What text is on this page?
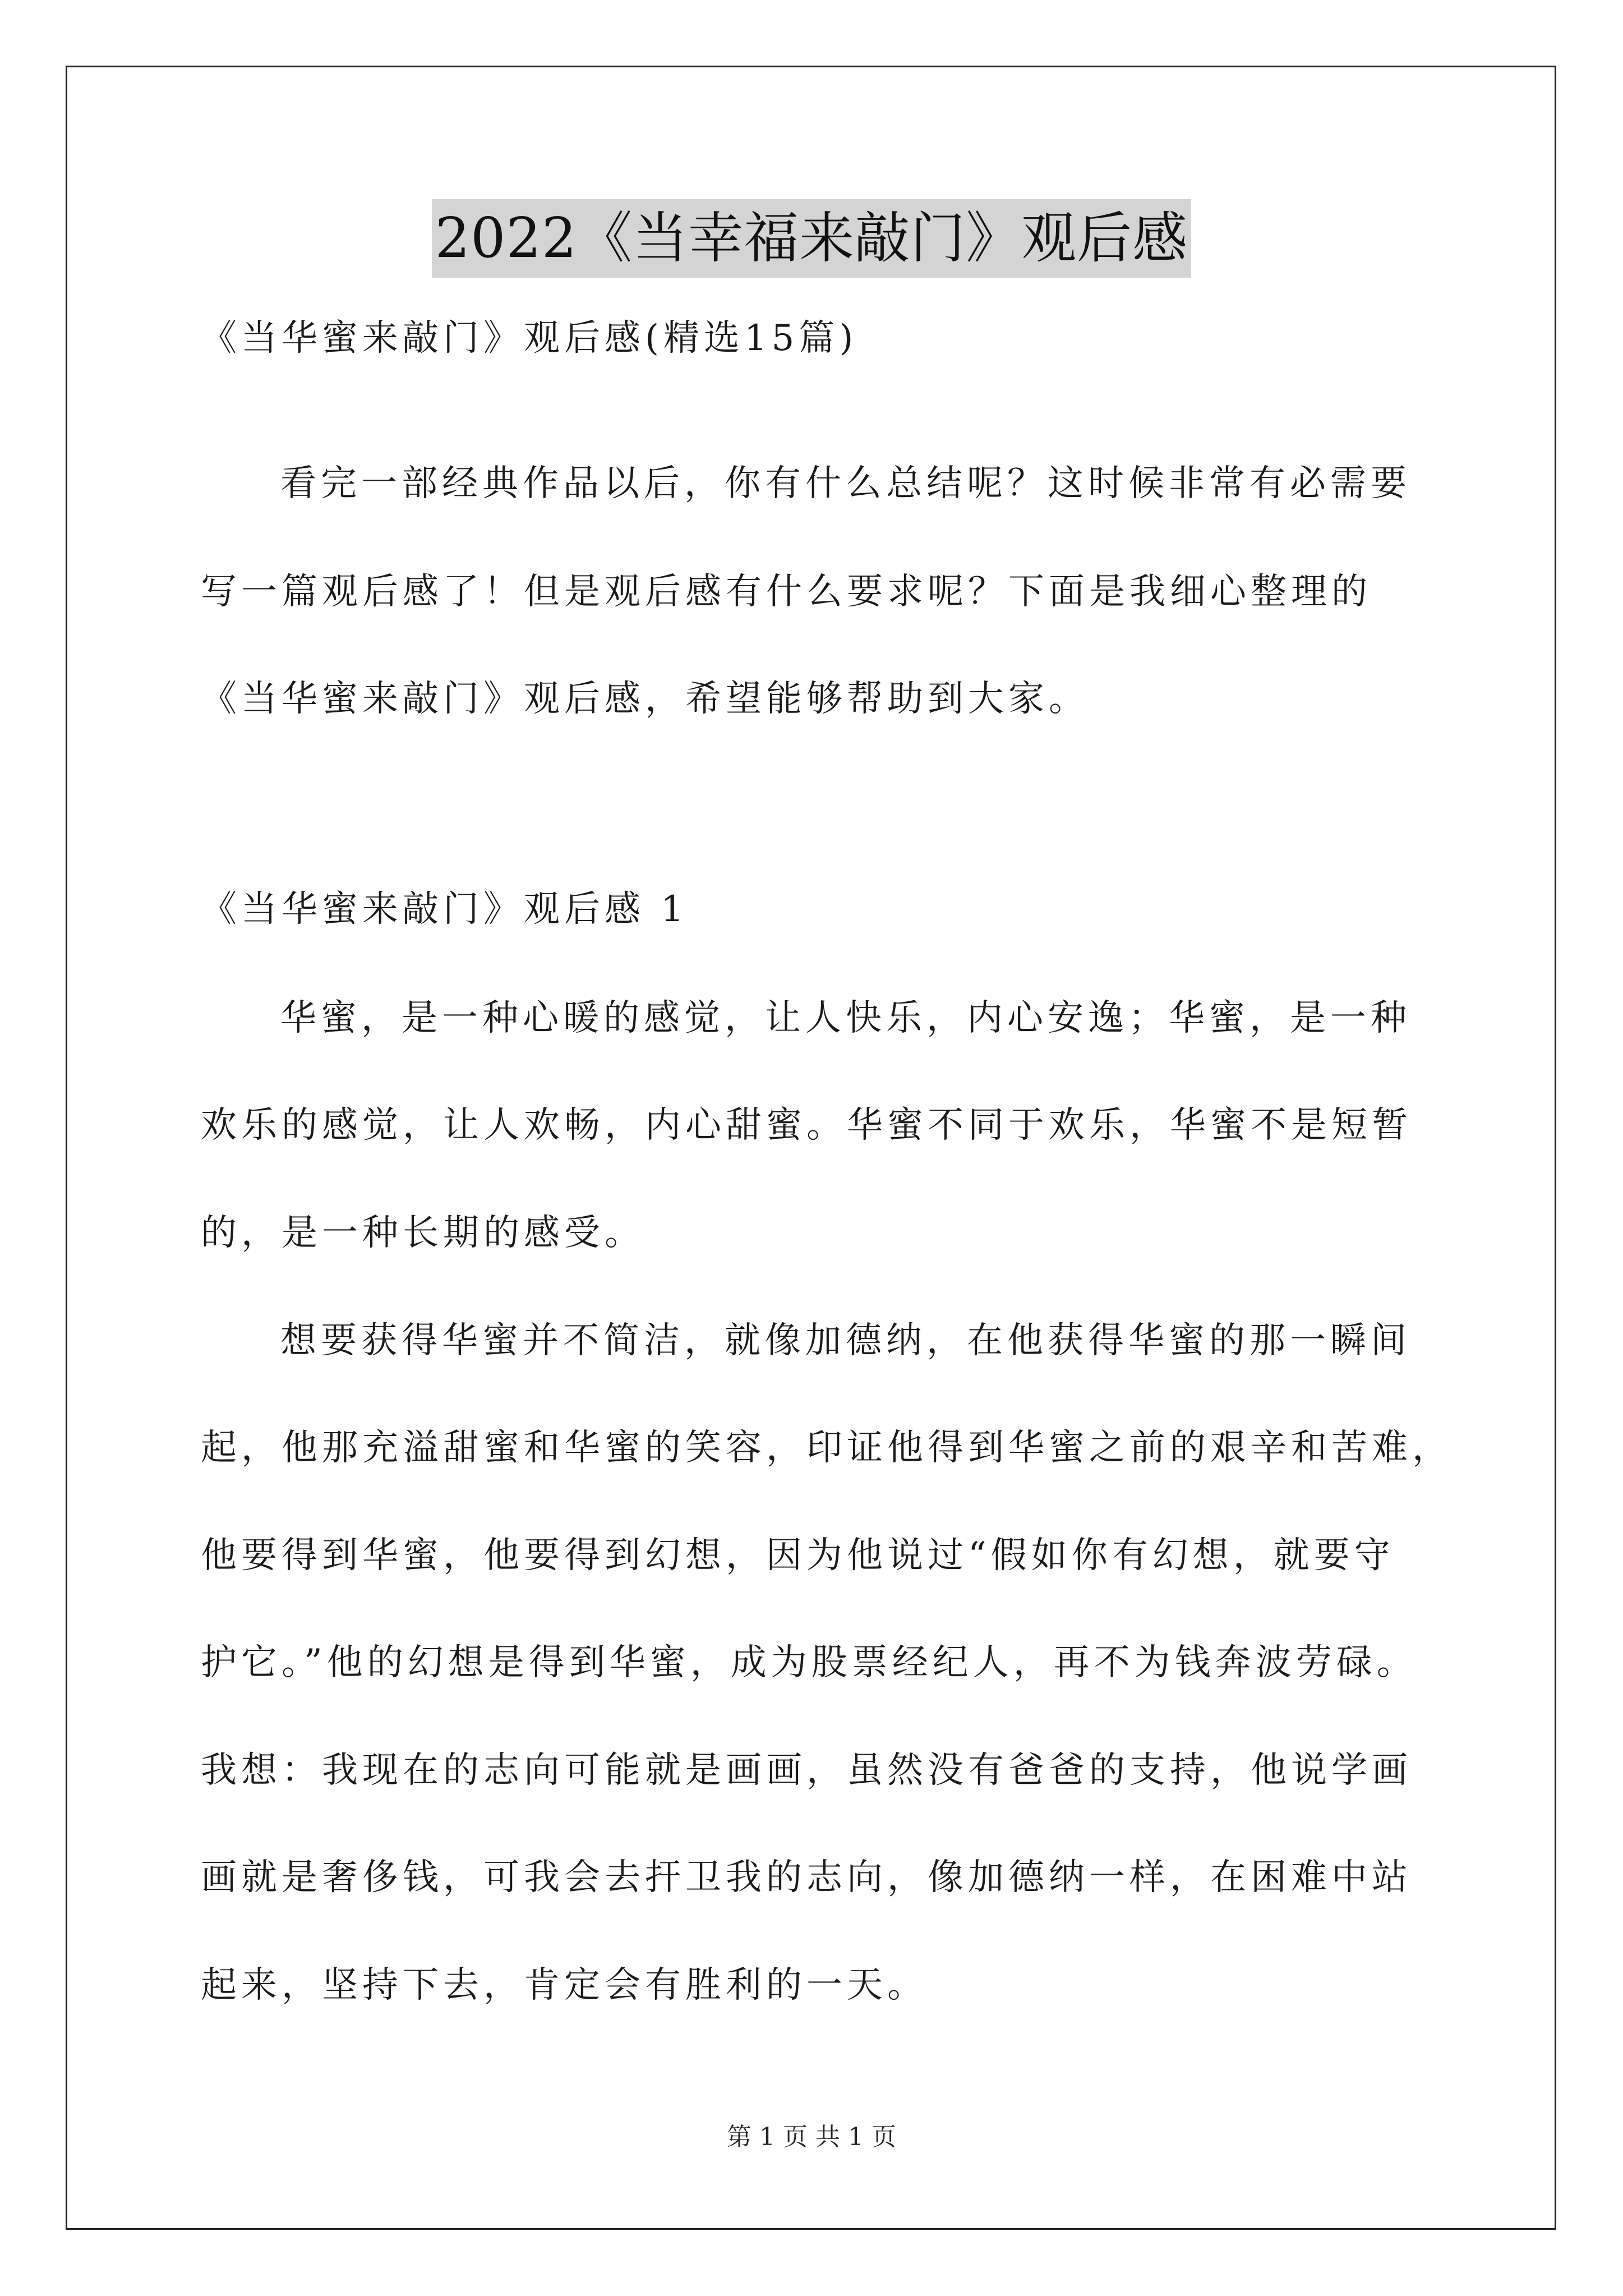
2022《当幸福来敲门》观后感
《当华蜜来敲门》观后感(精选15篇)
看完一部经典作品以后，你有什么总结呢？这时候非常有必需要
写一篇观后感了！但是观后感有什么要求呢？下面是我细心整理的
《当华蜜来敲门》观后感，希望能够帮助到大家。
《当华蜜来敲门》观后感 1
华蜜，是一种心暖的感觉，让人快乐，内心安逸；华蜜，是一种
欢乐的感觉，让人欢畅，内心甜蜜。华蜜不同于欢乐，华蜜不是短暂
的，是一种长期的感受。
想要获得华蜜并不简洁，就像加德纳，在他获得华蜜的那一瞬间
起，他那充溢甜蜜和华蜜的笑容，印证他得到华蜜之前的艰辛和苦难，
他要得到华蜜，他要得到幻想，因为他说过“假如你有幻想，就要守
护它。”他的幻想是得到华蜜，成为股票经纪人，再不为钱奔波劳碌。
我想：我现在的志向可能就是画画，虽然没有爸爸的支持，他说学画
画就是奢侈钱，可我会去扞卫我的志向，像加德纳一样，在困难中站
起来，坚持下去，肯定会有胜利的一天。
第 1 页 共 1 页
